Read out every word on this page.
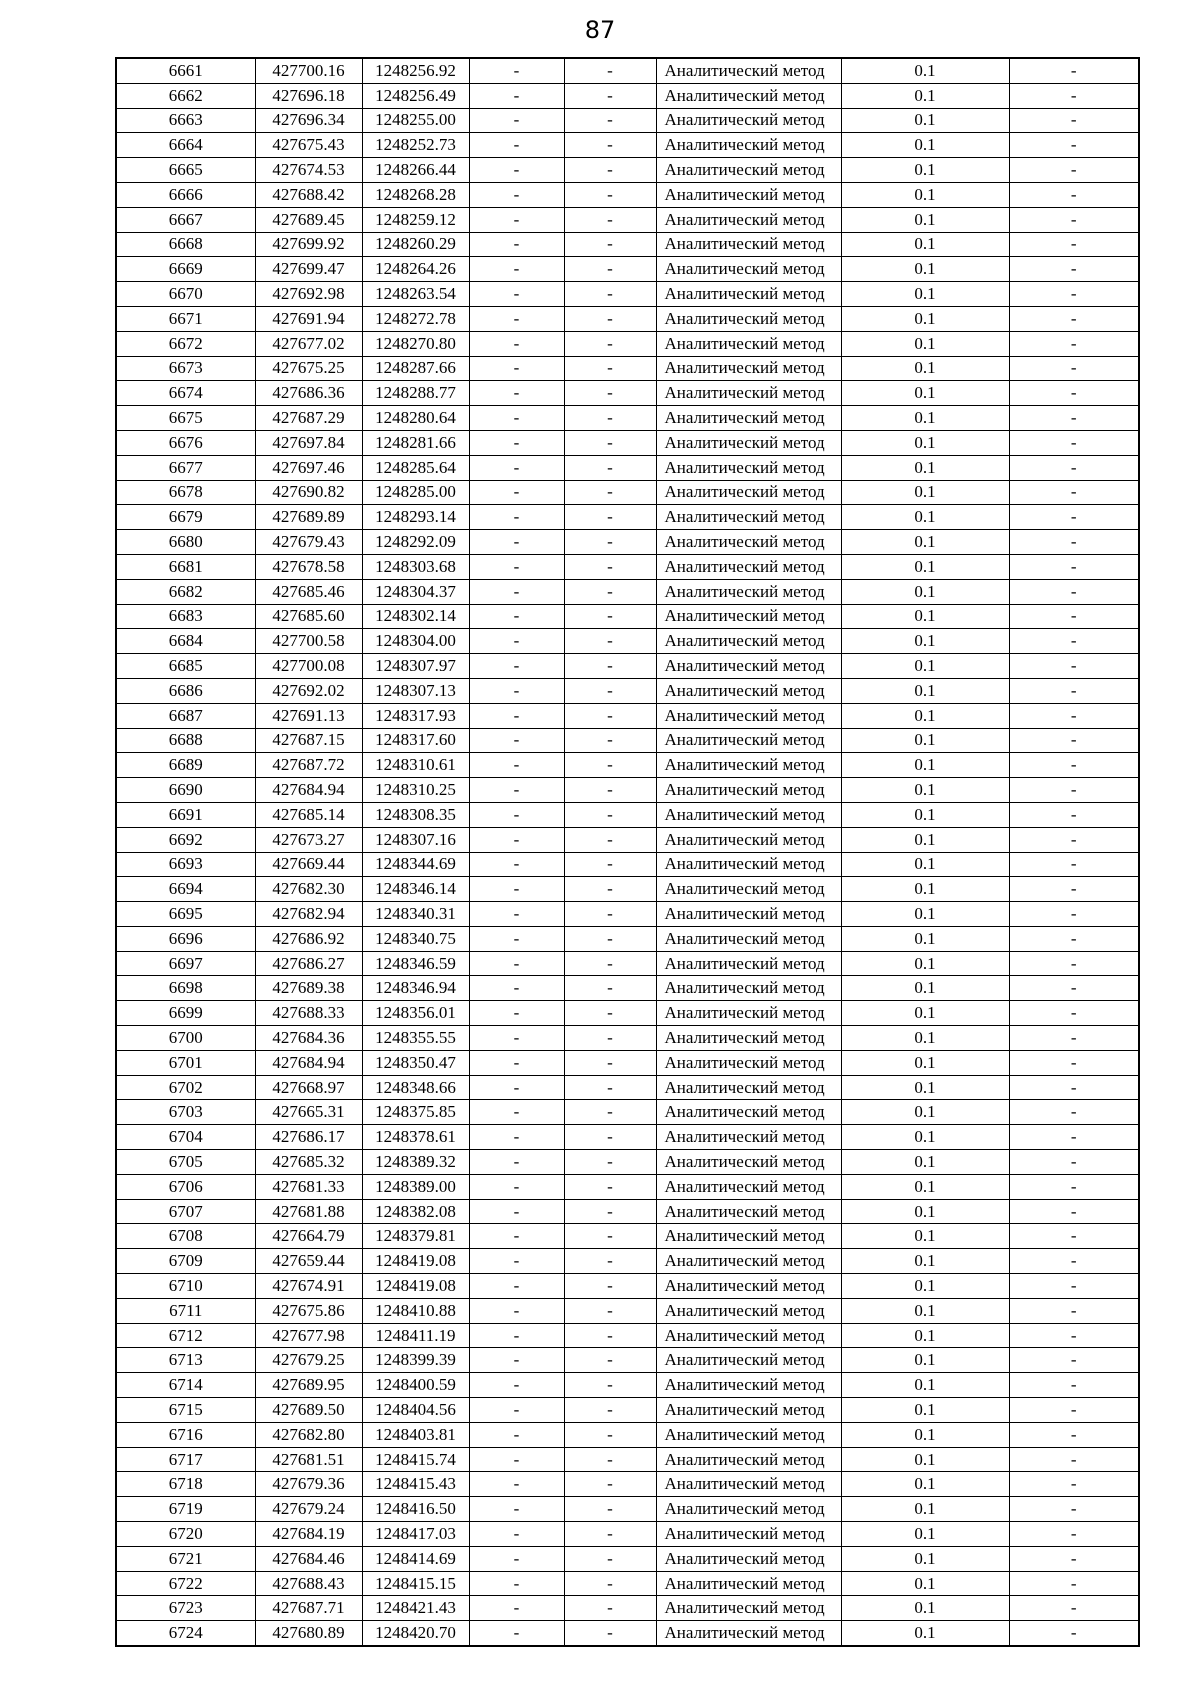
87
6661	427700.16	1248256.92	-	-	Аналитический метод	0.1	-
6662	427696.18	1248256.49	-	-	Аналитический метод	0.1	-
6663	427696.34	1248255.00	-	-	Аналитический метод	0.1	-
6664	427675.43	1248252.73	-	-	Аналитический метод	0.1	-
6665	427674.53	1248266.44	-	-	Аналитический метод	0.1	-
6666	427688.42	1248268.28	-	-	Аналитический метод	0.1	-
6667	427689.45	1248259.12	-	-	Аналитический метод	0.1	-
6668	427699.92	1248260.29	-	-	Аналитический метод	0.1	-
6669	427699.47	1248264.26	-	-	Аналитический метод	0.1	-
6670	427692.98	1248263.54	-	-	Аналитический метод	0.1	-
6671	427691.94	1248272.78	-	-	Аналитический метод	0.1	-
6672	427677.02	1248270.80	-	-	Аналитический метод	0.1	-
6673	427675.25	1248287.66	-	-	Аналитический метод	0.1	-
6674	427686.36	1248288.77	-	-	Аналитический метод	0.1	-
6675	427687.29	1248280.64	-	-	Аналитический метод	0.1	-
6676	427697.84	1248281.66	-	-	Аналитический метод	0.1	-
6677	427697.46	1248285.64	-	-	Аналитический метод	0.1	-
6678	427690.82	1248285.00	-	-	Аналитический метод	0.1	-
6679	427689.89	1248293.14	-	-	Аналитический метод	0.1	-
6680	427679.43	1248292.09	-	-	Аналитический метод	0.1	-
6681	427678.58	1248303.68	-	-	Аналитический метод	0.1	-
6682	427685.46	1248304.37	-	-	Аналитический метод	0.1	-
6683	427685.60	1248302.14	-	-	Аналитический метод	0.1	-
6684	427700.58	1248304.00	-	-	Аналитический метод	0.1	-
6685	427700.08	1248307.97	-	-	Аналитический метод	0.1	-
6686	427692.02	1248307.13	-	-	Аналитический метод	0.1	-
6687	427691.13	1248317.93	-	-	Аналитический метод	0.1	-
6688	427687.15	1248317.60	-	-	Аналитический метод	0.1	-
6689	427687.72	1248310.61	-	-	Аналитический метод	0.1	-
6690	427684.94	1248310.25	-	-	Аналитический метод	0.1	-
6691	427685.14	1248308.35	-	-	Аналитический метод	0.1	-
6692	427673.27	1248307.16	-	-	Аналитический метод	0.1	-
6693	427669.44	1248344.69	-	-	Аналитический метод	0.1	-
6694	427682.30	1248346.14	-	-	Аналитический метод	0.1	-
6695	427682.94	1248340.31	-	-	Аналитический метод	0.1	-
6696	427686.92	1248340.75	-	-	Аналитический метод	0.1	-
6697	427686.27	1248346.59	-	-	Аналитический метод	0.1	-
6698	427689.38	1248346.94	-	-	Аналитический метод	0.1	-
6699	427688.33	1248356.01	-	-	Аналитический метод	0.1	-
6700	427684.36	1248355.55	-	-	Аналитический метод	0.1	-
6701	427684.94	1248350.47	-	-	Аналитический метод	0.1	-
6702	427668.97	1248348.66	-	-	Аналитический метод	0.1	-
6703	427665.31	1248375.85	-	-	Аналитический метод	0.1	-
6704	427686.17	1248378.61	-	-	Аналитический метод	0.1	-
6705	427685.32	1248389.32	-	-	Аналитический метод	0.1	-
6706	427681.33	1248389.00	-	-	Аналитический метод	0.1	-
6707	427681.88	1248382.08	-	-	Аналитический метод	0.1	-
6708	427664.79	1248379.81	-	-	Аналитический метод	0.1	-
6709	427659.44	1248419.08	-	-	Аналитический метод	0.1	-
6710	427674.91	1248419.08	-	-	Аналитический метод	0.1	-
6711	427675.86	1248410.88	-	-	Аналитический метод	0.1	-
6712	427677.98	1248411.19	-	-	Аналитический метод	0.1	-
6713	427679.25	1248399.39	-	-	Аналитический метод	0.1	-
6714	427689.95	1248400.59	-	-	Аналитический метод	0.1	-
6715	427689.50	1248404.56	-	-	Аналитический метод	0.1	-
6716	427682.80	1248403.81	-	-	Аналитический метод	0.1	-
6717	427681.51	1248415.74	-	-	Аналитический метод	0.1	-
6718	427679.36	1248415.43	-	-	Аналитический метод	0.1	-
6719	427679.24	1248416.50	-	-	Аналитический метод	0.1	-
6720	427684.19	1248417.03	-	-	Аналитический метод	0.1	-
6721	427684.46	1248414.69	-	-	Аналитический метод	0.1	-
6722	427688.43	1248415.15	-	-	Аналитический метод	0.1	-
6723	427687.71	1248421.43	-	-	Аналитический метод	0.1	-
6724	427680.89	1248420.70	-	-	Аналитический метод	0.1	-
